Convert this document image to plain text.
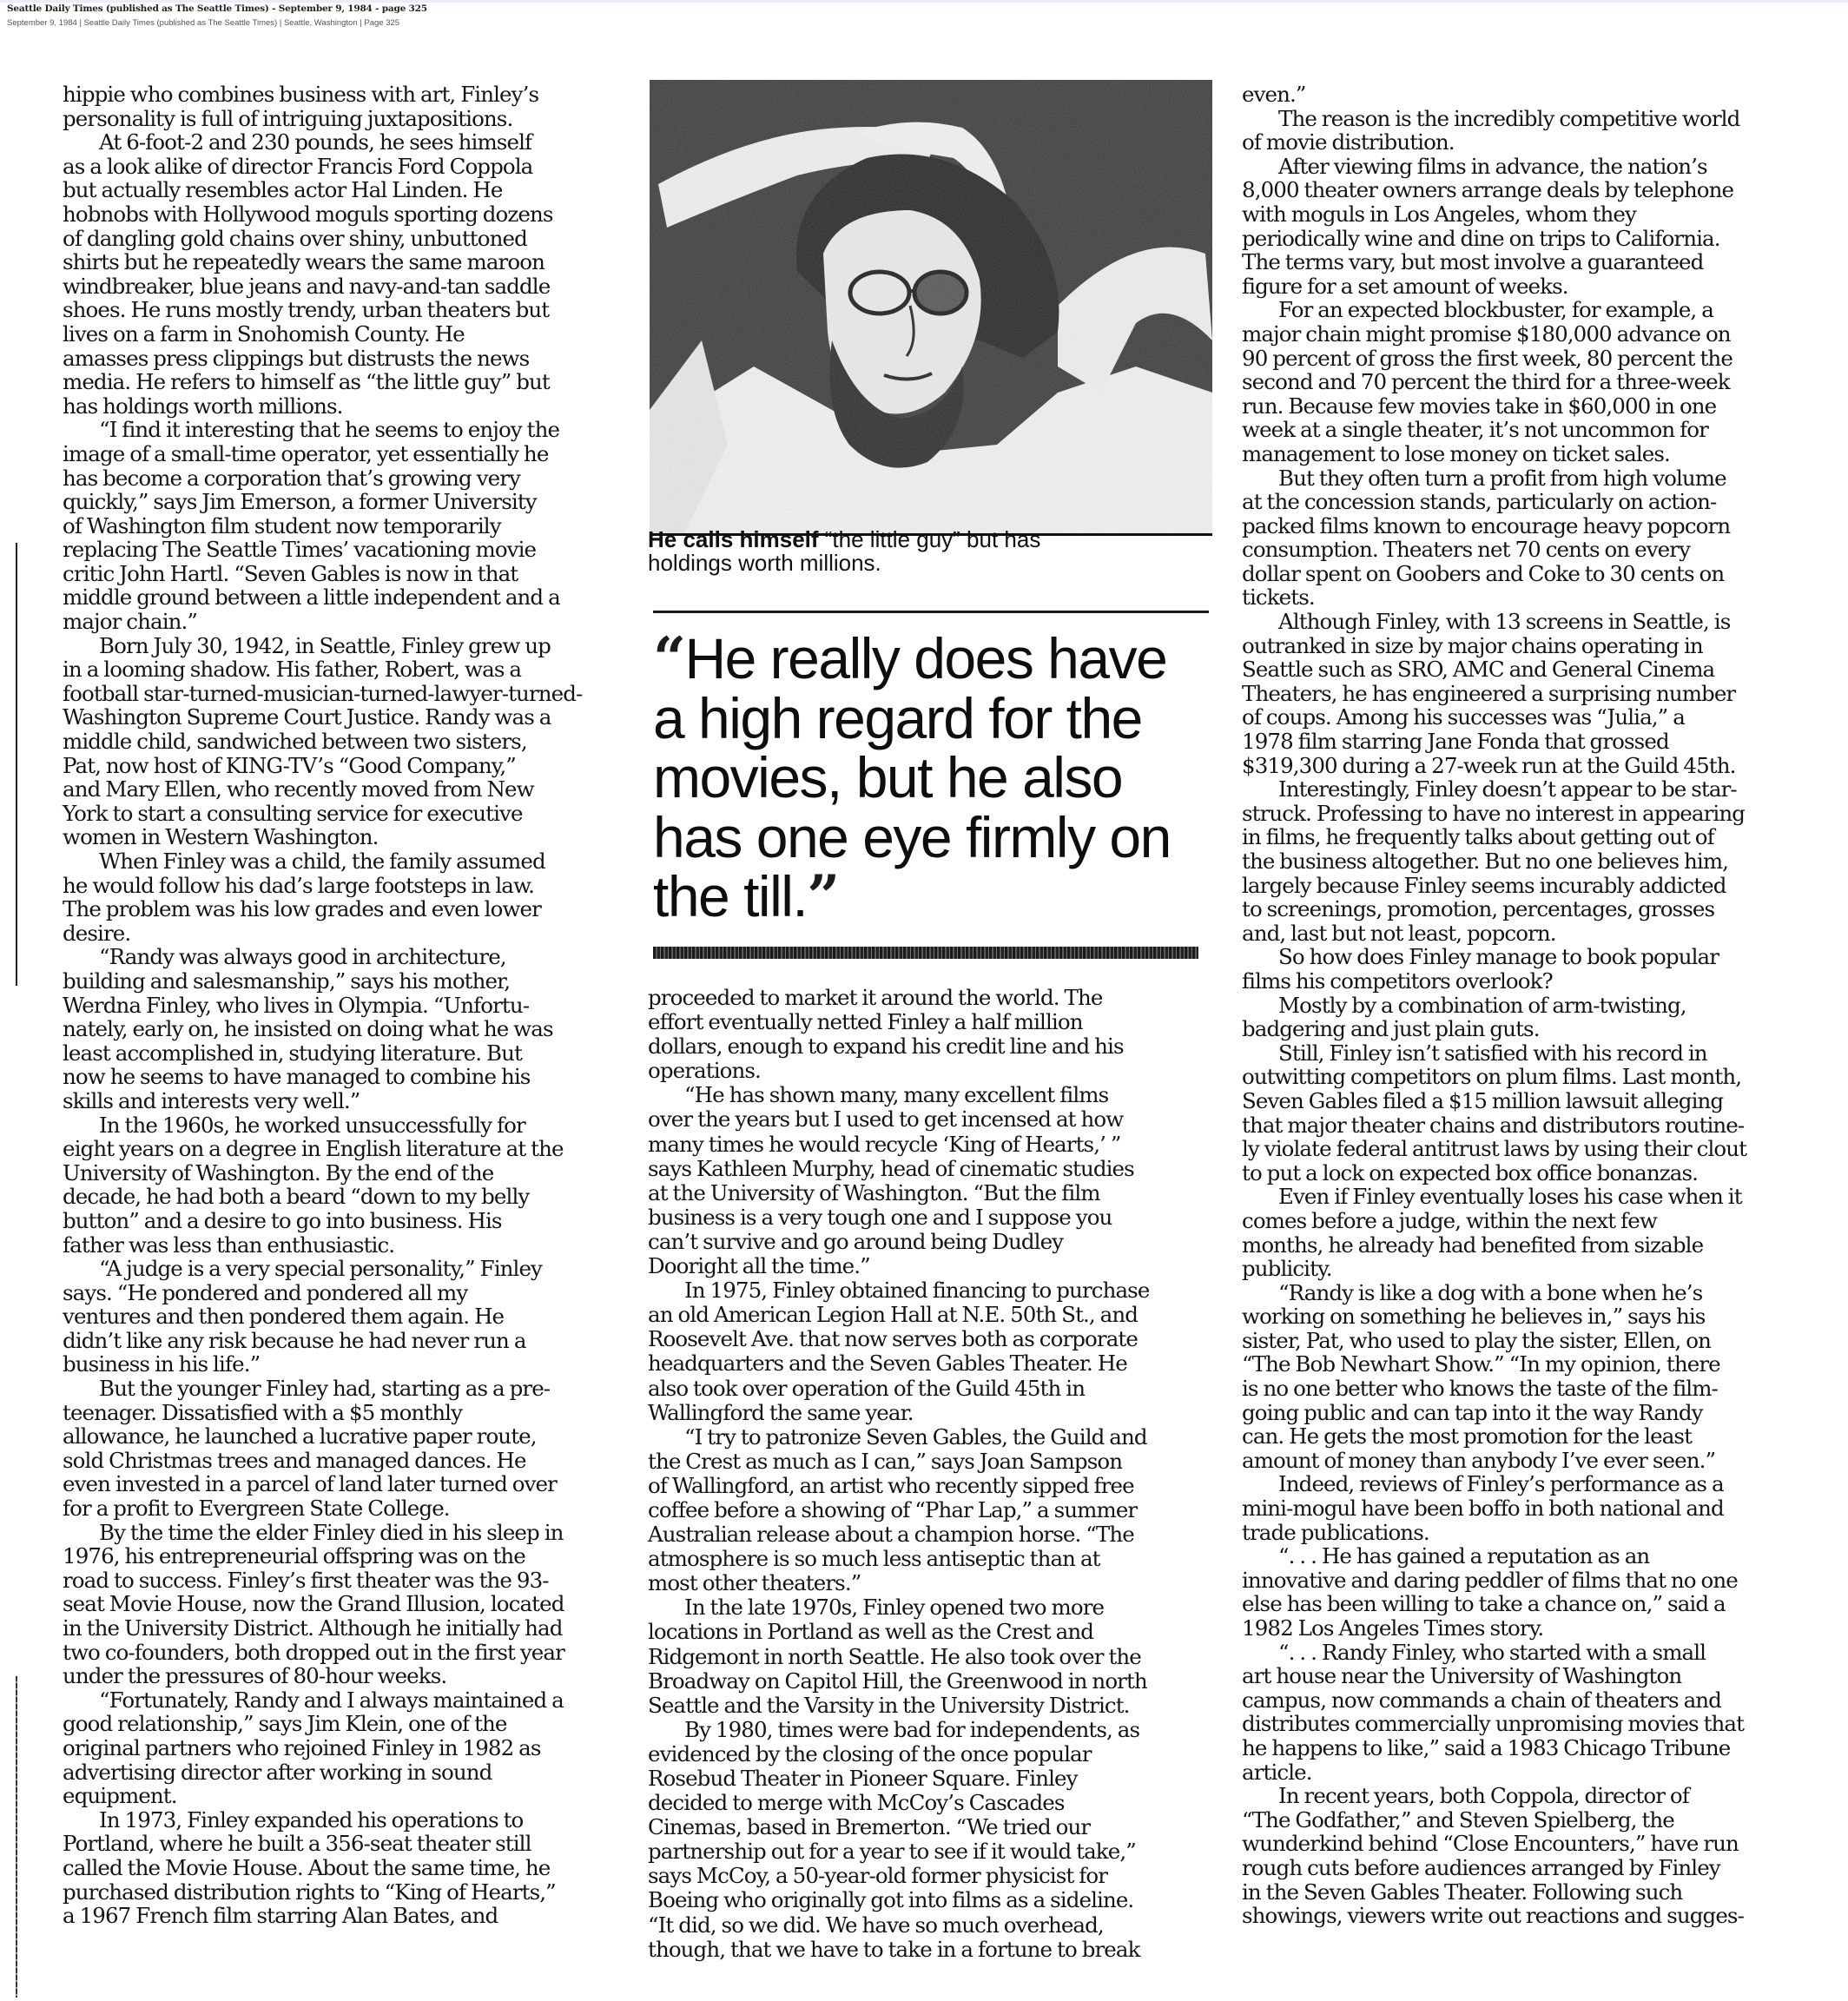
Seattle Daily Times (published as The Seattle Times) - September 9, 1984 - page 325
September 9, 1984 | Seattle Daily Times (published as The Seattle Times) | Seattle, Washington | Page 325
hippie who combines business with art, Finley’s
personality is full of intriguing juxtapositions.
At 6-foot-2 and 230 pounds, he sees himself
as a look alike of director Francis Ford Coppola
but actually resembles actor Hal Linden. He
hobnobs with Hollywood moguls sporting dozens
of dangling gold chains over shiny, unbuttoned
shirts but he repeatedly wears the same maroon
windbreaker, blue jeans and navy-and-tan saddle
shoes. He runs mostly trendy, urban theaters but
lives on a farm in Snohomish County. He
amasses press clippings but distrusts the news
media. He refers to himself as “the little guy” but
has holdings worth millions.
“I find it interesting that he seems to enjoy the
image of a small-time operator, yet essentially he
has become a corporation that’s growing very
quickly,” says Jim Emerson, a former University
of Washington film student now temporarily
replacing The Seattle Times’ vacationing movie
critic John Hartl. “Seven Gables is now in that
middle ground between a little independent and a
major chain.”
Born July 30, 1942, in Seattle, Finley grew up
in a looming shadow. His father, Robert, was a
football star-turned-musician-turned-lawyer-turned-
Washington Supreme Court Justice. Randy was a
middle child, sandwiched between two sisters,
Pat, now host of KING-TV’s “Good Company,”
and Mary Ellen, who recently moved from New
York to start a consulting service for executive
women in Western Washington.
When Finley was a child, the family assumed
he would follow his dad’s large footsteps in law.
The problem was his low grades and even lower
desire.
“Randy was always good in architecture,
building and salesmanship,” says his mother,
Werdna Finley, who lives in Olympia. “Unfortu-
nately, early on, he insisted on doing what he was
least accomplished in, studying literature. But
now he seems to have managed to combine his
skills and interests very well.”
In the 1960s, he worked unsuccessfully for
eight years on a degree in English literature at the
University of Washington. By the end of the
decade, he had both a beard “down to my belly
button” and a desire to go into business. His
father was less than enthusiastic.
“A judge is a very special personality,” Finley
says. “He pondered and pondered all my
ventures and then pondered them again. He
didn’t like any risk because he had never run a
business in his life.”
But the younger Finley had, starting as a pre-
teenager. Dissatisfied with a $5 monthly
allowance, he launched a lucrative paper route,
sold Christmas trees and managed dances. He
even invested in a parcel of land later turned over
for a profit to Evergreen State College.
By the time the elder Finley died in his sleep in
1976, his entrepreneurial offspring was on the
road to success. Finley’s first theater was the 93-
seat Movie House, now the Grand Illusion, located
in the University District. Although he initially had
two co-founders, both dropped out in the first year
under the pressures of 80-hour weeks.
“Fortunately, Randy and I always maintained a
good relationship,” says Jim Klein, one of the
original partners who rejoined Finley in 1982 as
advertising director after working in sound
equipment.
In 1973, Finley expanded his operations to
Portland, where he built a 356-seat theater still
called the Movie House. About the same time, he
purchased distribution rights to “King of Hearts,”
a 1967 French film starring Alan Bates, and
He calls himself “the little guy” but has
holdings worth millions.
“He really does have
a high regard for the
movies, but he also
has one eye firmly on
the till.”
proceeded to market it around the world. The
effort eventually netted Finley a half million
dollars, enough to expand his credit line and his
operations.
“He has shown many, many excellent films
over the years but I used to get incensed at how
many times he would recycle ‘King of Hearts,’ ”
says Kathleen Murphy, head of cinematic studies
at the University of Washington. “But the film
business is a very tough one and I suppose you
can’t survive and go around being Dudley
Dooright all the time.”
In 1975, Finley obtained financing to purchase
an old American Legion Hall at N.E. 50th St., and
Roosevelt Ave. that now serves both as corporate
headquarters and the Seven Gables Theater. He
also took over operation of the Guild 45th in
Wallingford the same year.
“I try to patronize Seven Gables, the Guild and
the Crest as much as I can,” says Joan Sampson
of Wallingford, an artist who recently sipped free
coffee before a showing of “Phar Lap,” a summer
Australian release about a champion horse. “The
atmosphere is so much less antiseptic than at
most other theaters.”
In the late 1970s, Finley opened two more
locations in Portland as well as the Crest and
Ridgemont in north Seattle. He also took over the
Broadway on Capitol Hill, the Greenwood in north
Seattle and the Varsity in the University District.
By 1980, times were bad for independents, as
evidenced by the closing of the once popular
Rosebud Theater in Pioneer Square. Finley
decided to merge with McCoy’s Cascades
Cinemas, based in Bremerton. “We tried our
partnership out for a year to see if it would take,”
says McCoy, a 50-year-old former physicist for
Boeing who originally got into films as a sideline.
“It did, so we did. We have so much overhead,
though, that we have to take in a fortune to break
even.”
The reason is the incredibly competitive world
of movie distribution.
After viewing films in advance, the nation’s
8,000 theater owners arrange deals by telephone
with moguls in Los Angeles, whom they
periodically wine and dine on trips to California.
The terms vary, but most involve a guaranteed
figure for a set amount of weeks.
For an expected blockbuster, for example, a
major chain might promise $180,000 advance on
90 percent of gross the first week, 80 percent the
second and 70 percent the third for a three-week
run. Because few movies take in $60,000 in one
week at a single theater, it’s not uncommon for
management to lose money on ticket sales.
But they often turn a profit from high volume
at the concession stands, particularly on action-
packed films known to encourage heavy popcorn
consumption. Theaters net 70 cents on every
dollar spent on Goobers and Coke to 30 cents on
tickets.
Although Finley, with 13 screens in Seattle, is
outranked in size by major chains operating in
Seattle such as SRO, AMC and General Cinema
Theaters, he has engineered a surprising number
of coups. Among his successes was “Julia,” a
1978 film starring Jane Fonda that grossed
$319,300 during a 27-week run at the Guild 45th.
Interestingly, Finley doesn’t appear to be star-
struck. Professing to have no interest in appearing
in films, he frequently talks about getting out of
the business altogether. But no one believes him,
largely because Finley seems incurably addicted
to screenings, promotion, percentages, grosses
and, last but not least, popcorn.
So how does Finley manage to book popular
films his competitors overlook?
Mostly by a combination of arm-twisting,
badgering and just plain guts.
Still, Finley isn’t satisfied with his record in
outwitting competitors on plum films. Last month,
Seven Gables filed a $15 million lawsuit alleging
that major theater chains and distributors routine-
ly violate federal antitrust laws by using their clout
to put a lock on expected box office bonanzas.
Even if Finley eventually loses his case when it
comes before a judge, within the next few
months, he already had benefited from sizable
publicity.
“Randy is like a dog with a bone when he’s
working on something he believes in,” says his
sister, Pat, who used to play the sister, Ellen, on
“The Bob Newhart Show.” “In my opinion, there
is no one better who knows the taste of the film-
going public and can tap into it the way Randy
can. He gets the most promotion for the least
amount of money than anybody I’ve ever seen.”
Indeed, reviews of Finley’s performance as a
mini-mogul have been boffo in both national and
trade publications.
“. . . He has gained a reputation as an
innovative and daring peddler of films that no one
else has been willing to take a chance on,” said a
1982 Los Angeles Times story.
“. . . Randy Finley, who started with a small
art house near the University of Washington
campus, now commands a chain of theaters and
distributes commercially unpromising movies that
he happens to like,” said a 1983 Chicago Tribune
article.
In recent years, both Coppola, director of
“The Godfather,” and Steven Spielberg, the
wunderkind behind “Close Encounters,” have run
rough cuts before audiences arranged by Finley
in the Seven Gables Theater. Following such
showings, viewers write out reactions and sugges-
